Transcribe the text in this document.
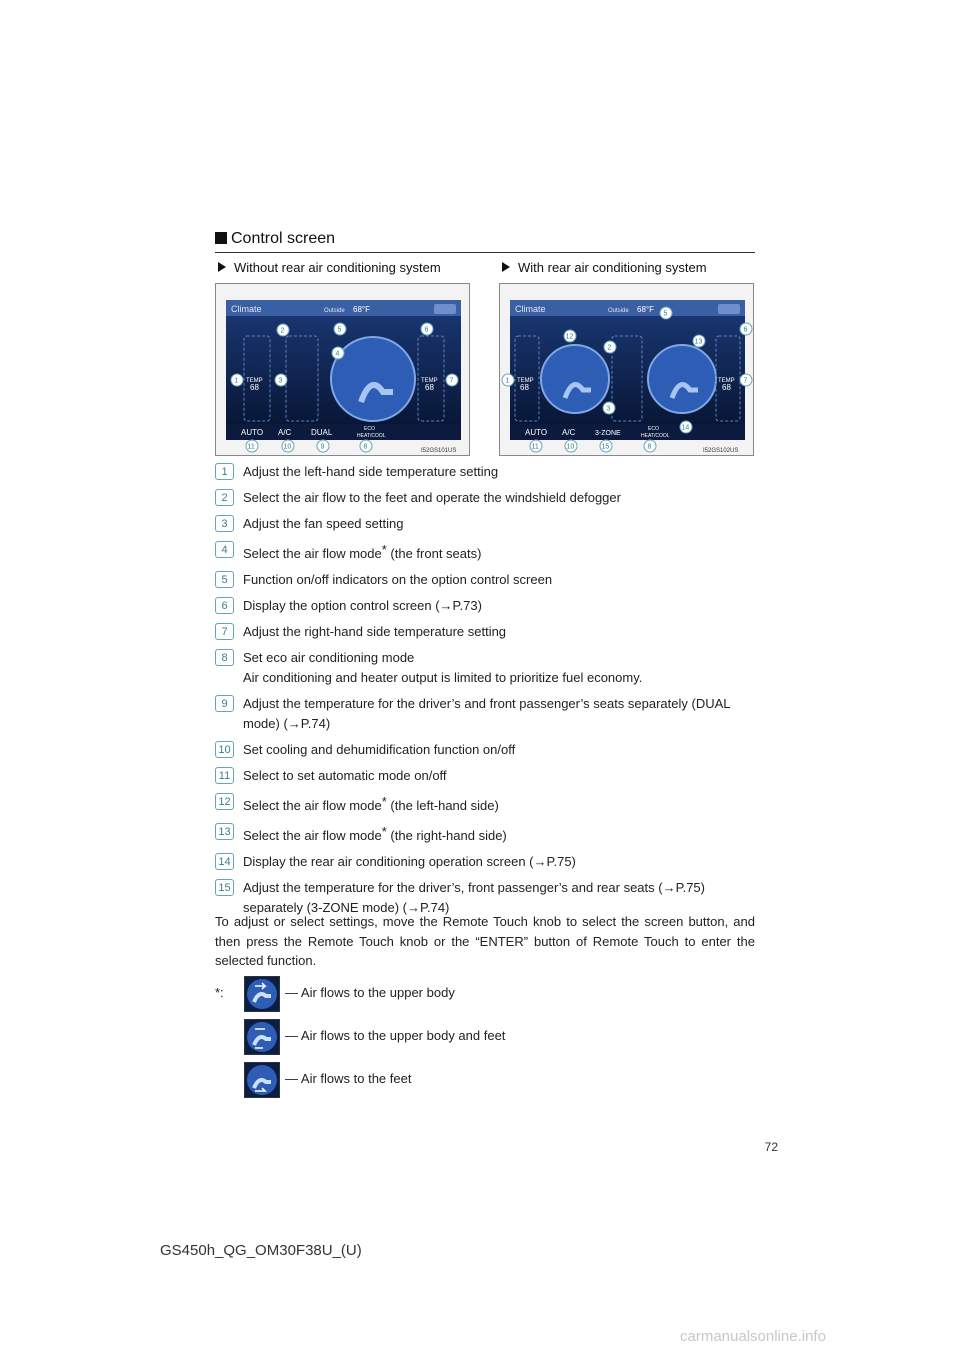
Control screen
Without rear air conditioning system	With rear air conditioning system
Climate	Outside 68°F
TEMP
68
TEMP
68
AUTO A/C DUAL	ECO
HEAT/COOL
I52GS101US
1
2
3
4
5	6
7
8
9
10
11
Climate	Outside 68°F
TEMP
68
TEMP
68
AUTO A/C	3-ZONE
ECO
HEAT/COOL
I52GS102US
1
2
3
5
6
7
8
10
11
12
13
14
15
1	Adjust the left-hand side temperature setting
2	Select the air flow to the feet and operate the windshield defogger
3	Adjust the fan speed setting
4	Select the air flow mode* (the front seats)
5	Function on/off indicators on the option control screen
6	Display the option control screen (→P.73)
7	Adjust the right-hand side temperature setting
8	Set eco air conditioning mode
Air conditioning and heater output is limited to prioritize fuel economy.
9	Adjust the temperature for the driver’s and front passenger’s seats separately (DUAL mode) (→P.74)
10 Set cooling and dehumidification function on/off
11 Select to set automatic mode on/off
12 Select the air flow mode* (the left-hand side)
13 Select the air flow mode* (the right-hand side)
14 Display the rear air conditioning operation screen (→P.75)
15 Adjust the temperature for the driver’s, front passenger’s and rear seats (→P.75) separately (3-ZONE mode) (→P.74)
To adjust or select settings, move the Remote Touch knob to select the screen button, and then press the Remote Touch knob or the “ENTER” button of Remote Touch to enter the selected function.
*:	— Air flows to the upper body
— Air flows to the upper body and feet
— Air flows to the feet
72
GS450h_QG_OM30F38U_(U)
carmanualsonline.info
